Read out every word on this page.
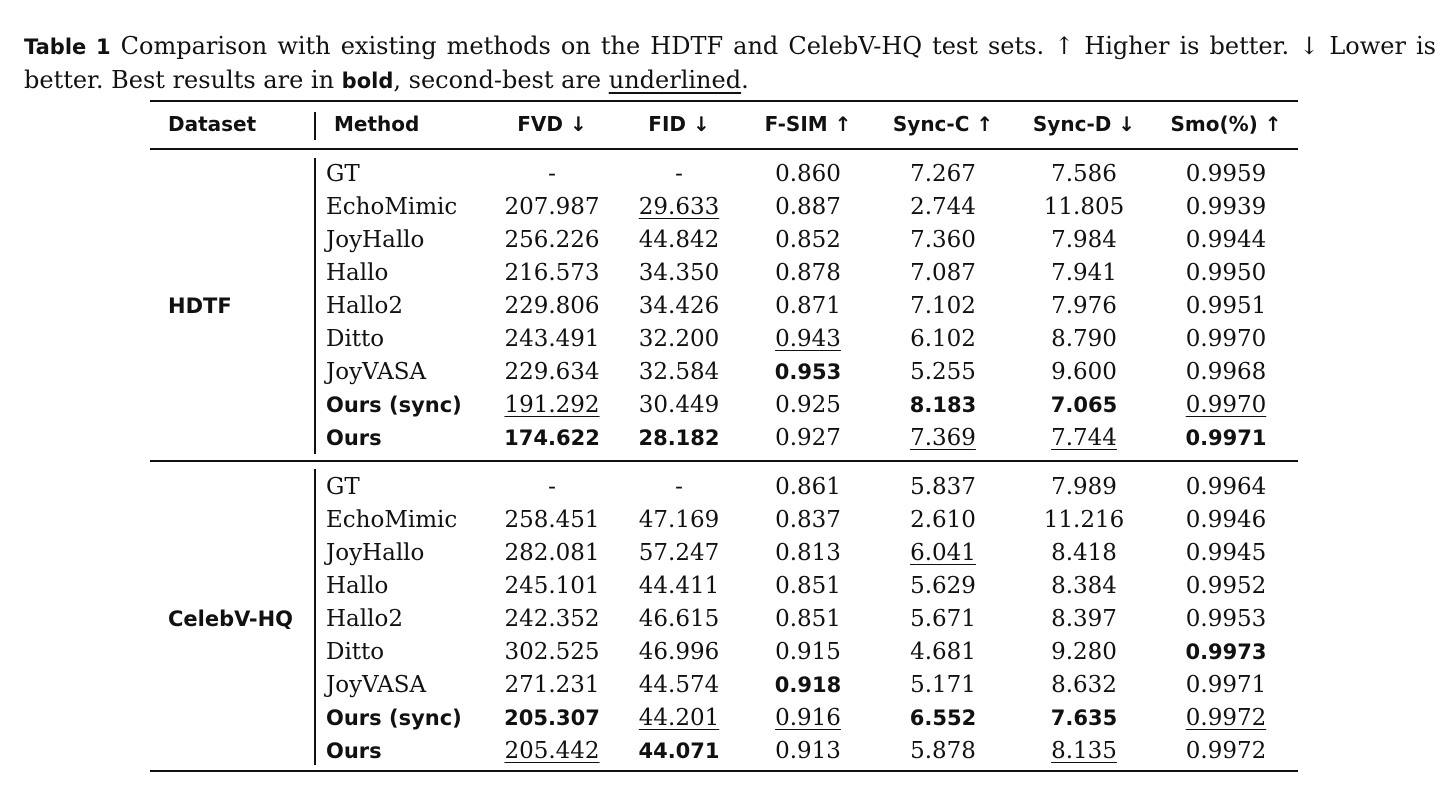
Table 1 Comparison with existing methods on the HDTF and CelebV-HQ test sets. ↑ Higher is better. ↓ Lower is better. Best results are in bold, second-best are underlined.
Dataset	Method	FVD ↓	FID ↓	F-SIM ↑	Sync-C ↑	Sync-D ↓	Smo(%) ↑

HDTF	GT	-	-	0.860	7.267	7.586	0.9959
	EchoMimic	207.987	29.633	0.887	2.744	11.805	0.9939
	JoyHallo	256.226	44.842	0.852	7.360	7.984	0.9944
	Hallo	216.573	34.350	0.878	7.087	7.941	0.9950
	Hallo2	229.806	34.426	0.871	7.102	7.976	0.9951
	Ditto	243.491	32.200	0.943	6.102	8.790	0.9970
	JoyVASA	229.634	32.584	0.953	5.255	9.600	0.9968
	Ours (sync)	191.292	30.449	0.925	8.183	7.065	0.9970
	Ours	174.622	28.182	0.927	7.369	7.744	0.9971

CelebV-HQ	GT	-	-	0.861	5.837	7.989	0.9964
	EchoMimic	258.451	47.169	0.837	2.610	11.216	0.9946
	JoyHallo	282.081	57.247	0.813	6.041	8.418	0.9945
	Hallo	245.101	44.411	0.851	5.629	8.384	0.9952
	Hallo2	242.352	46.615	0.851	5.671	8.397	0.9953
	Ditto	302.525	46.996	0.915	4.681	9.280	0.9973
	JoyVASA	271.231	44.574	0.918	5.171	8.632	0.9971
	Ours (sync)	205.307	44.201	0.916	6.552	7.635	0.9972
	Ours	205.442	44.071	0.913	5.878	8.135	0.9972
